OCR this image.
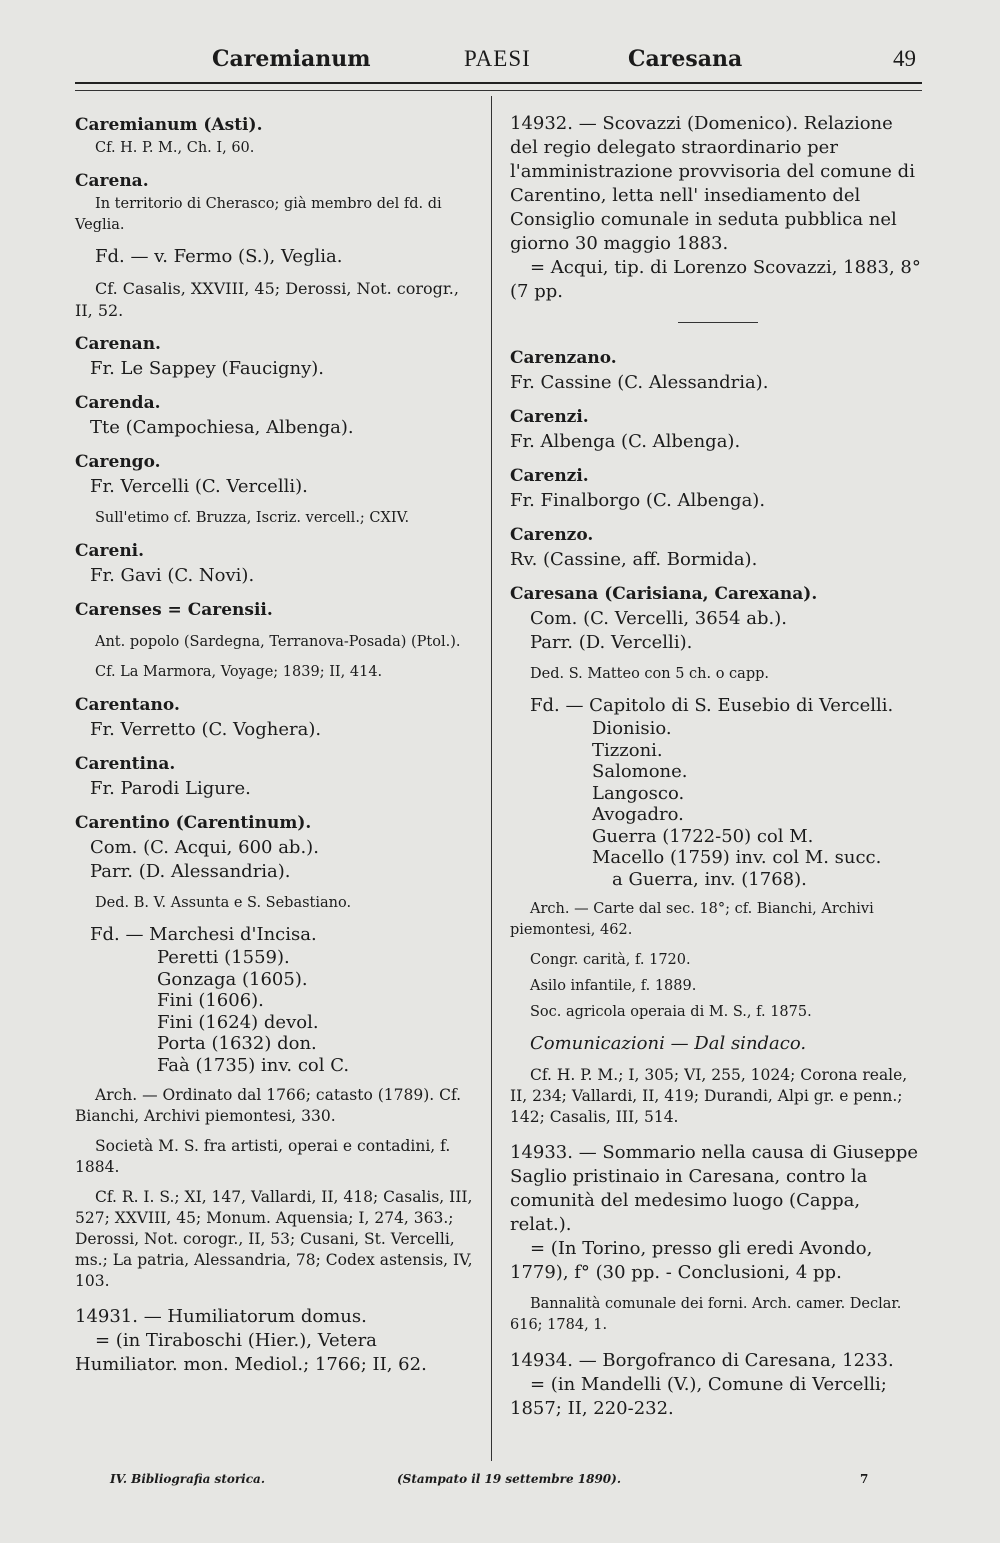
Caremianum	PAESI	Caresana	49

Caremianum (Asti).

Cf. H. P. M., Ch. I, 60.

Carena.

In territorio di Cherasco; già membro del fd. di Veglia.

Fd. — v. Fermo (S.), Veglia.

Cf. Casalis, XXVIII, 45; Derossi, Not. corogr., II, 52.

Carenan.

Fr. Le Sappey (Faucigny).

Carenda.

Tte (Campochiesa, Albenga).

Carengo.

Fr. Vercelli (C. Vercelli).

Sull'etimo cf. Bruzza, Iscriz. vercell.; CXIV.

Careni.

Fr. Gavi (C. Novi).

Carenses = Carensii.

Ant. popolo (Sardegna, Terranova-Posada) (Ptol.).

Cf. La Marmora, Voyage; 1839; II, 414.

Carentano.

Fr. Verretto (C. Voghera).

Carentina.

Fr. Parodi Ligure.

Carentino (Carentinum).

Com. (C. Acqui, 600 ab.).

Parr. (D. Alessandria).

Ded. B. V. Assunta e S. Sebastiano.

Fd. — Marchesi d'Incisa.

Peretti (1559).

Gonzaga (1605).

Fini (1606).

Fini (1624) devol.

Porta (1632) don.

Faà (1735) inv. col C.

Arch. — Ordinato dal 1766; catasto (1789). Cf. Bianchi, Archivi piemontesi, 330.

Società M. S. fra artisti, operai e contadini, f. 1884.

Cf. R. I. S.; XI, 147, Vallardi, II, 418; Casalis, III, 527; XXVIII, 45; Monum. Aquensia; I, 274, 363.; Derossi, Not. corogr., II, 53; Cusani, St. Vercelli, ms.; La patria, Alessandria, 78; Codex astensis, IV, 103.

14931. — Humiliatorum domus.

= (in Tiraboschi (Hier.), Vetera Humiliator. mon. Mediol.; 1766; II, 62.

14932. — Scovazzi (Domenico). Relazione del regio delegato straordinario per l'amministrazione provvisoria del comune di Carentino, letta nell' insediamento del Consiglio comunale in seduta pubblica nel giorno 30 maggio 1883.

= Acqui, tip. di Lorenzo Scovazzi, 1883, 8° (7 pp.

Carenzano.

Fr. Cassine (C. Alessandria).

Carenzi.

Fr. Albenga (C. Albenga).

Carenzi.

Fr. Finalborgo (C. Albenga).

Carenzo.

Rv. (Cassine, aff. Bormida).

Caresana (Carisiana, Carexana).

Com. (C. Vercelli, 3654 ab.).

Parr. (D. Vercelli).

Ded. S. Matteo con 5 ch. o capp.

Fd. — Capitolo di S. Eusebio di Vercelli.

Dionisio.

Tizzoni.

Salomone.

Langosco.

Avogadro.

Guerra (1722-50) col M.

Macello (1759) inv. col M. succ.

a Guerra, inv. (1768).

Arch. — Carte dal sec. 18°; cf. Bianchi, Archivi piemontesi, 462.

Congr. carità, f. 1720.

Asilo infantile, f. 1889.

Soc. agricola operaia di M. S., f. 1875.

Comunicazioni — Dal sindaco.

Cf. H. P. M.; I, 305; VI, 255, 1024; Corona reale, II, 234; Vallardi, II, 419; Durandi, Alpi gr. e penn.; 142; Casalis, III, 514.

14933. — Sommario nella causa di Giuseppe Saglio pristinaio in Caresana, contro la comunità del medesimo luogo (Cappa, relat.).

= (In Torino, presso gli eredi Avondo, 1779), f° (30 pp. - Conclusioni, 4 pp.

Bannalità comunale dei forni. Arch. camer. Declar. 616; 1784, 1.

14934. — Borgofranco di Caresana, 1233.

= (in Mandelli (V.), Comune di Vercelli; 1857; II, 220-232.

IV. Bibliografia storica.	(Stampato il 19 settembre 1890).	7
